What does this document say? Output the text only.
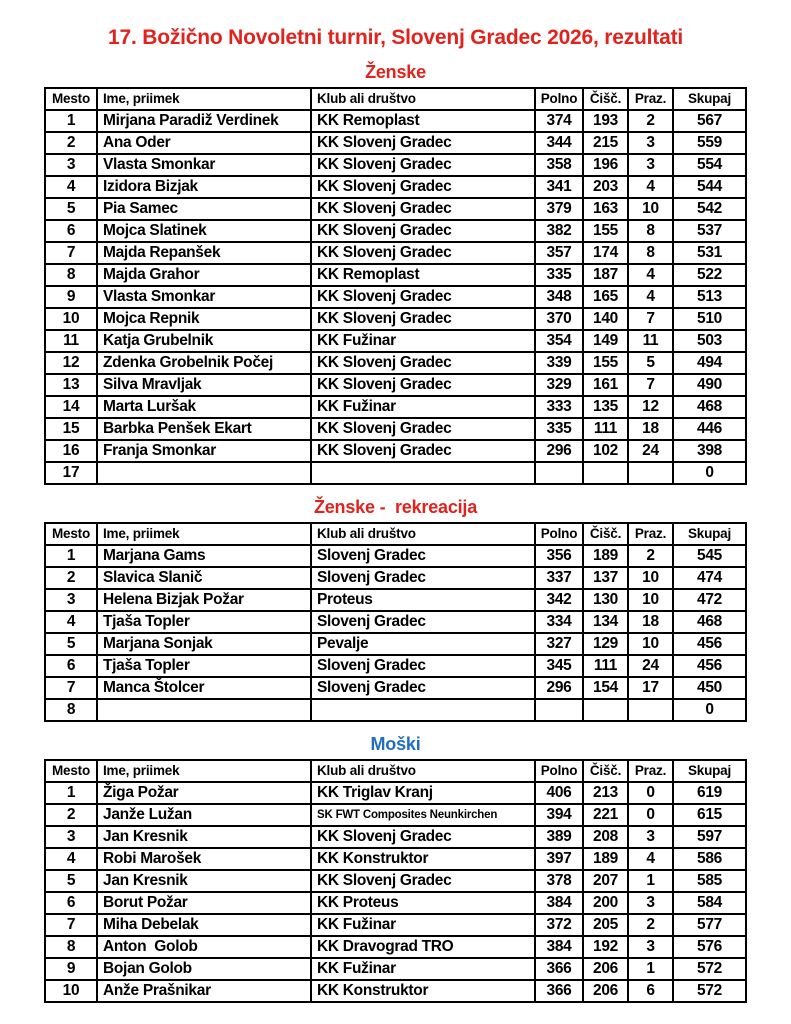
17. Božično Novoletni turnir, Slovenj Gradec 2026, rezultati
Ženske
Mesto	Ime, priimek	Klub ali društvo	Polno	Čišč.	Praz.	Skupaj
1	Mirjana Paradiž Verdinek	KK Remoplast	374	193	2	567
2	Ana Oder	KK Slovenj Gradec	344	215	3	559
3	Vlasta Smonkar	KK Slovenj Gradec	358	196	3	554
4	Izidora Bizjak	KK Slovenj Gradec	341	203	4	544
5	Pia Samec	KK Slovenj Gradec	379	163	10	542
6	Mojca Slatinek	KK Slovenj Gradec	382	155	8	537
7	Majda Repanšek	KK Slovenj Gradec	357	174	8	531
8	Majda Grahor	KK Remoplast	335	187	4	522
9	Vlasta Smonkar	KK Slovenj Gradec	348	165	4	513
10	Mojca Repnik	KK Slovenj Gradec	370	140	7	510
11	Katja Grubelnik	KK Fužinar	354	149	11	503
12	Zdenka Grobelnik Počej	KK Slovenj Gradec	339	155	5	494
13	Silva Mravljak	KK Slovenj Gradec	329	161	7	490
14	Marta Luršak	KK Fužinar	333	135	12	468
15	Barbka Penšek Ekart	KK Slovenj Gradec	335	111	18	446
16	Franja Smonkar	KK Slovenj Gradec	296	102	24	398
17						0
Ženske -  rekreacija
Mesto	Ime, priimek	Klub ali društvo	Polno	Čišč.	Praz.	Skupaj
1	Marjana Gams	Slovenj Gradec	356	189	2	545
2	Slavica Slanič	Slovenj Gradec	337	137	10	474
3	Helena Bizjak Požar	Proteus	342	130	10	472
4	Tjaša Topler	Slovenj Gradec	334	134	18	468
5	Marjana Sonjak	Pevalje	327	129	10	456
6	Tjaša Topler	Slovenj Gradec	345	111	24	456
7	Manca Štolcer	Slovenj Gradec	296	154	17	450
8						0
Moški
Mesto	Ime, priimek	Klub ali društvo	Polno	Čišč.	Praz.	Skupaj
1	Žiga Požar	KK Triglav Kranj	406	213	0	619
2	Janže Lužan	SK FWT Composites Neunkirchen	394	221	0	615
3	Jan Kresnik	KK Slovenj Gradec	389	208	3	597
4	Robi Marošek	KK Konstruktor	397	189	4	586
5	Jan Kresnik	KK Slovenj Gradec	378	207	1	585
6	Borut Požar	KK Proteus	384	200	3	584
7	Miha Debelak	KK Fužinar	372	205	2	577
8	Anton  Golob	KK Dravograd TRO	384	192	3	576
9	Bojan Golob	KK Fužinar	366	206	1	572
10	Anže Prašnikar	KK Konstruktor	366	206	6	572
